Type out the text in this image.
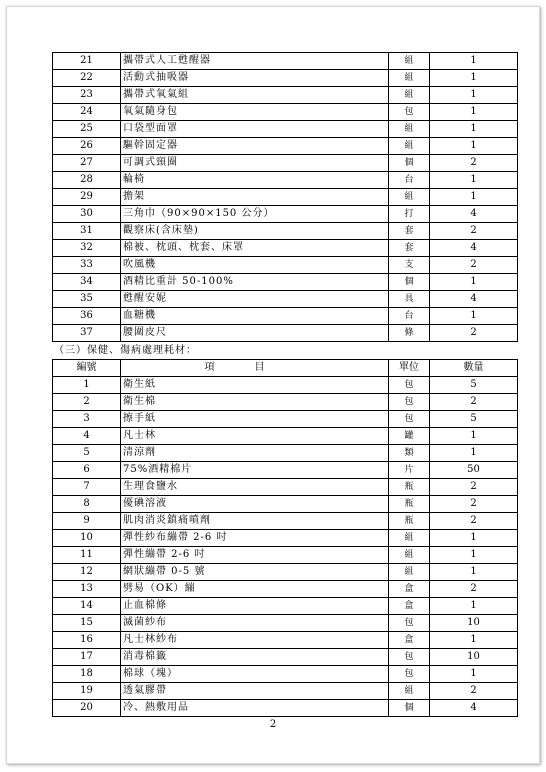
21	攜帶式人工甦醒器	組	1
22	活動式抽吸器	組	1
23	攜帶式氧氣組	組	1
24	氧氣隨身包	包	1
25	口袋型面罩	組	1
26	驅幹固定器	組	1
27	可調式頸圈	個	2
28	輪椅	台	1
29	擔架	組	1
30	三角巾（90×90×150 公分）	打	4
31	觀察床(含床墊)	套	2
32	棉被、枕頭、枕套、床罩	套	4
33	吹風機	支	2
34	酒精比重計 50-100%	個	1
35	甦醒安妮	具	4
36	血糖機	台	1
37	腰圍皮尺	條	2
（三）保健、傷病處理耗材：
編號	項目	單位	數量
1	衛生紙	包	5
2	衛生棉	包	2
3	擦手紙	包	5
4	凡士林	罐	1
5	清涼劑	類	1
6	75%酒精棉片	片	50
7	生理食鹽水	瓶	2
8	優碘溶液	瓶	2
9	肌肉消炎鎮痛噴劑	瓶	2
10	彈性紗布繃帶 2-6 吋	組	1
11	彈性繃帶 2-6 吋	組	1
12	網狀繃帶 0-5 號	組	1
13	劈易（OK）繃	盒	2
14	止血棉條	盒	1
15	滅菌紗布	包	10
16	凡士林紗布	盒	1
17	消毒棉籤	包	10
18	棉球（塊）	包	1
19	透氣膠帶	組	2
20	冷、熱敷用品	個	4
2
